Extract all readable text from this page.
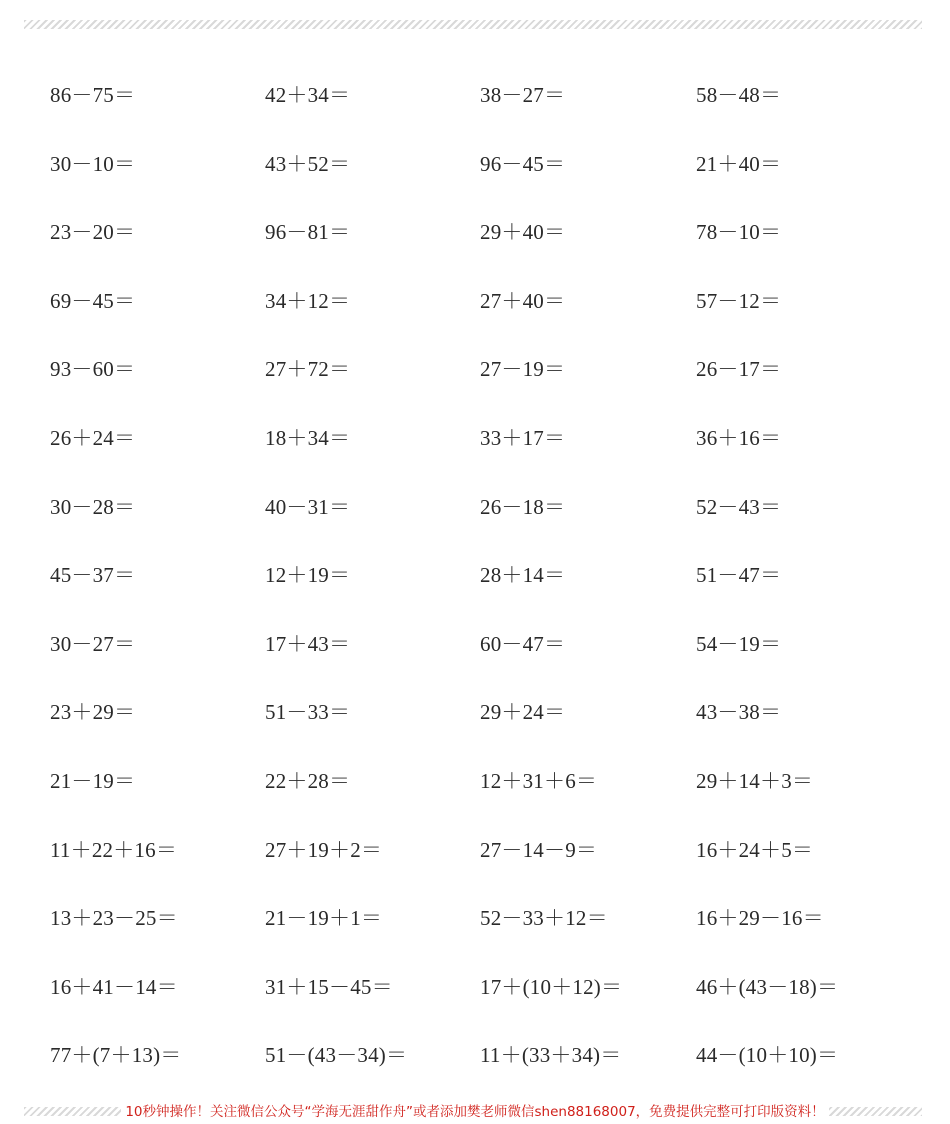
86－75＝	42＋34＝	38－27＝	58－48＝
30－10＝	43＋52＝	96－45＝	21＋40＝
23－20＝	96－81＝	29＋40＝	78－10＝
69－45＝	34＋12＝	27＋40＝	57－12＝
93－60＝	27＋72＝	27－19＝	26－17＝
26＋24＝	18＋34＝	33＋17＝	36＋16＝
30－28＝	40－31＝	26－18＝	52－43＝
45－37＝	12＋19＝	28＋14＝	51－47＝
30－27＝	17＋43＝	60－47＝	54－19＝
23＋29＝	51－33＝	29＋24＝	43－38＝
21－19＝	22＋28＝	12＋31＋6＝	29＋14＋3＝
11＋22＋16＝	27＋19＋2＝	27－14－9＝	16＋24＋5＝
13＋23－25＝	21－19＋1＝	52－33＋12＝	16＋29－16＝
16＋41－14＝	31＋15－45＝	17＋(10＋12)＝	46＋(43－18)＝
77＋(7＋13)＝	51－(43－34)＝	11＋(33＋34)＝	44－(10＋10)＝
10秒钟操作！关注微信公众号“学海无涯甜作舟”或者添加樊老师微信shen88168007，免费提供完整可打印版资料！
